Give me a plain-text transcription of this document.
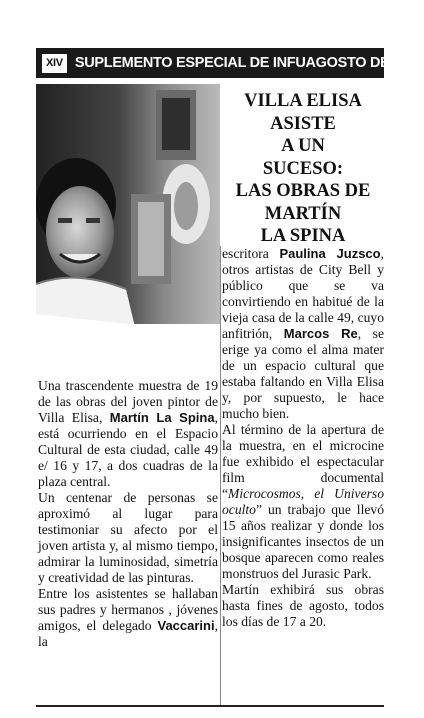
XIV SUPLEMENTO ESPECIAL DE INFU AGOSTO DE 2001
VILLA ELISA
ASISTE
A UN
SUCESO:
LAS OBRAS DE
MARTÍN
LA SPINA

Una trascendente muestra de 19 de las obras del joven pintor de Villa Elisa, Martín La Spina, está ocurriendo en el Espacio Cultural de esta ciudad, calle 49 e/ 16 y 17, a dos cuadras de la plaza central.

Un centenar de personas se aproximó al lugar para testimoniar su afecto por el joven artista y, al mismo tiempo, admirar la luminosidad, simetría y creatividad de las pinturas.

Entre los asistentes se hallaban sus padres y hermanos , jóvenes amigos, el delegado Vaccarini, la

escritora Paulina Juzsco, otros artistas de City Bell y público que se va convirtiendo en habitué de la vieja casa de la calle 49, cuyo anfitrión, Marcos Re, se erige ya como el alma mater de un espacio cultural que estaba faltando en Villa Elisa y, por supuesto, le hace mucho bien.

Al término de la apertura de la muestra, en el microcine fue exhibido el espectacular film documental “Microcosmos, el Universo oculto” un trabajo que llevó 15 años realizar y donde los insignificantes insectos de un bosque aparecen como reales monstruos del Jurasic Park.

Martín exhibirá sus obras hasta fines de agosto, todos los días de 17 a 20.
